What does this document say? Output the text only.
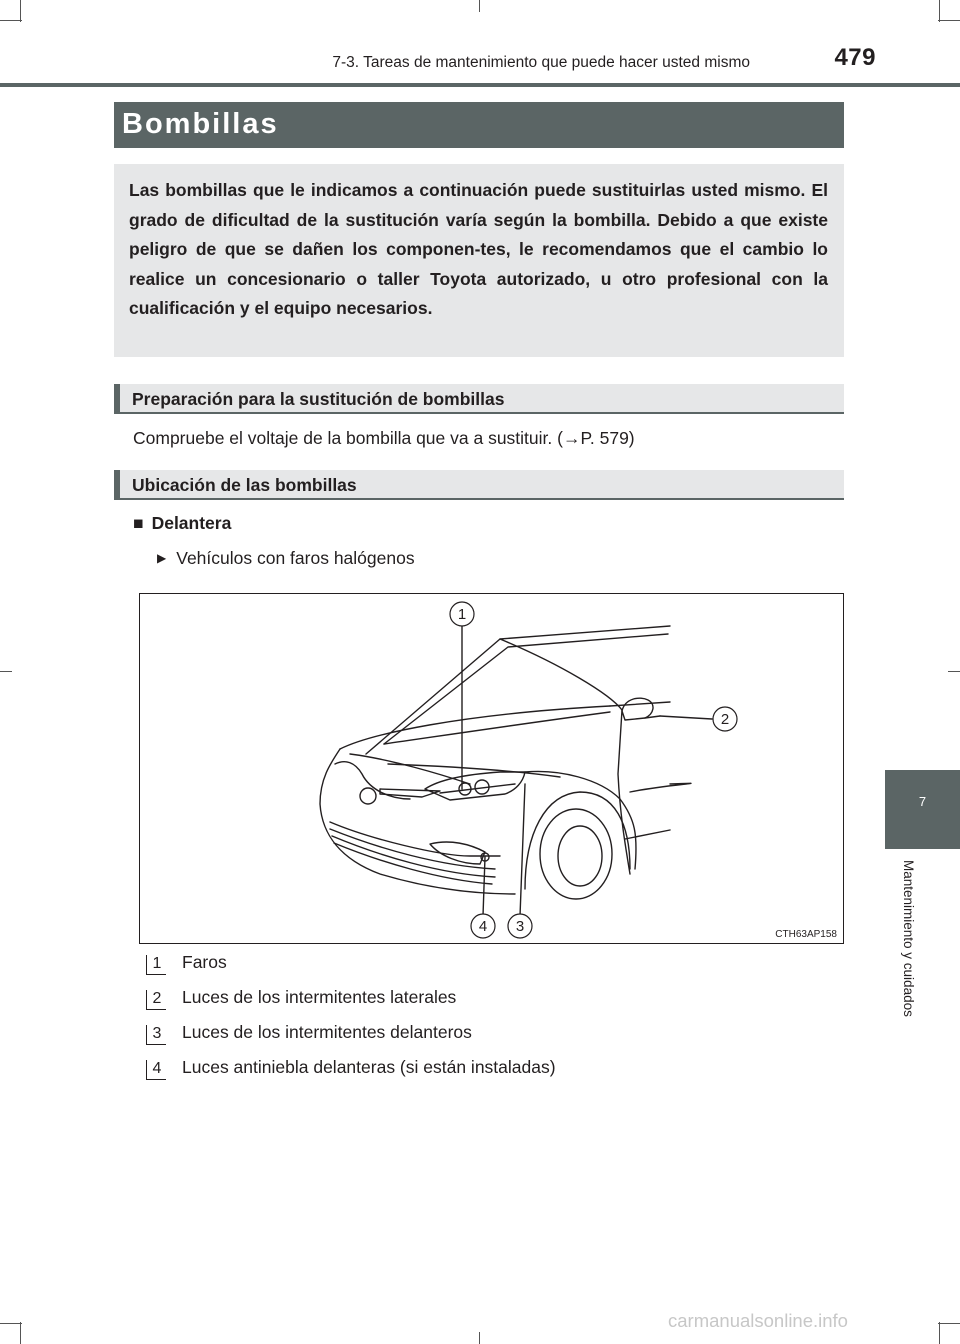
7-3. Tareas de mantenimiento que puede hacer usted mismo	479
Bombillas

Las bombillas que le indicamos a continuación puede sustituirlas usted mismo. El grado de dificultad de la sustitución varía según la bombilla. Debido a que existe peligro de que se dañen los componen-tes, le recomendamos que el cambio lo realice un concesionario o taller Toyota autorizado, u otro profesional con la cualificación y el equipo necesarios.

Preparación para la sustitución de bombillas
Compruebe el voltaje de la bombilla que va a sustituir. (→P. 579)
Ubicación de las bombillas
■ Delantera
▶ Vehículos con faros halógenos
1
2
3
4	CTH63AP158
1	Faros
2	Luces de los intermitentes laterales
3	Luces de los intermitentes delanteros
4	Luces antiniebla delanteras (si están instaladas)
7
Mantenimiento y cuidados
carmanualsonline.info
